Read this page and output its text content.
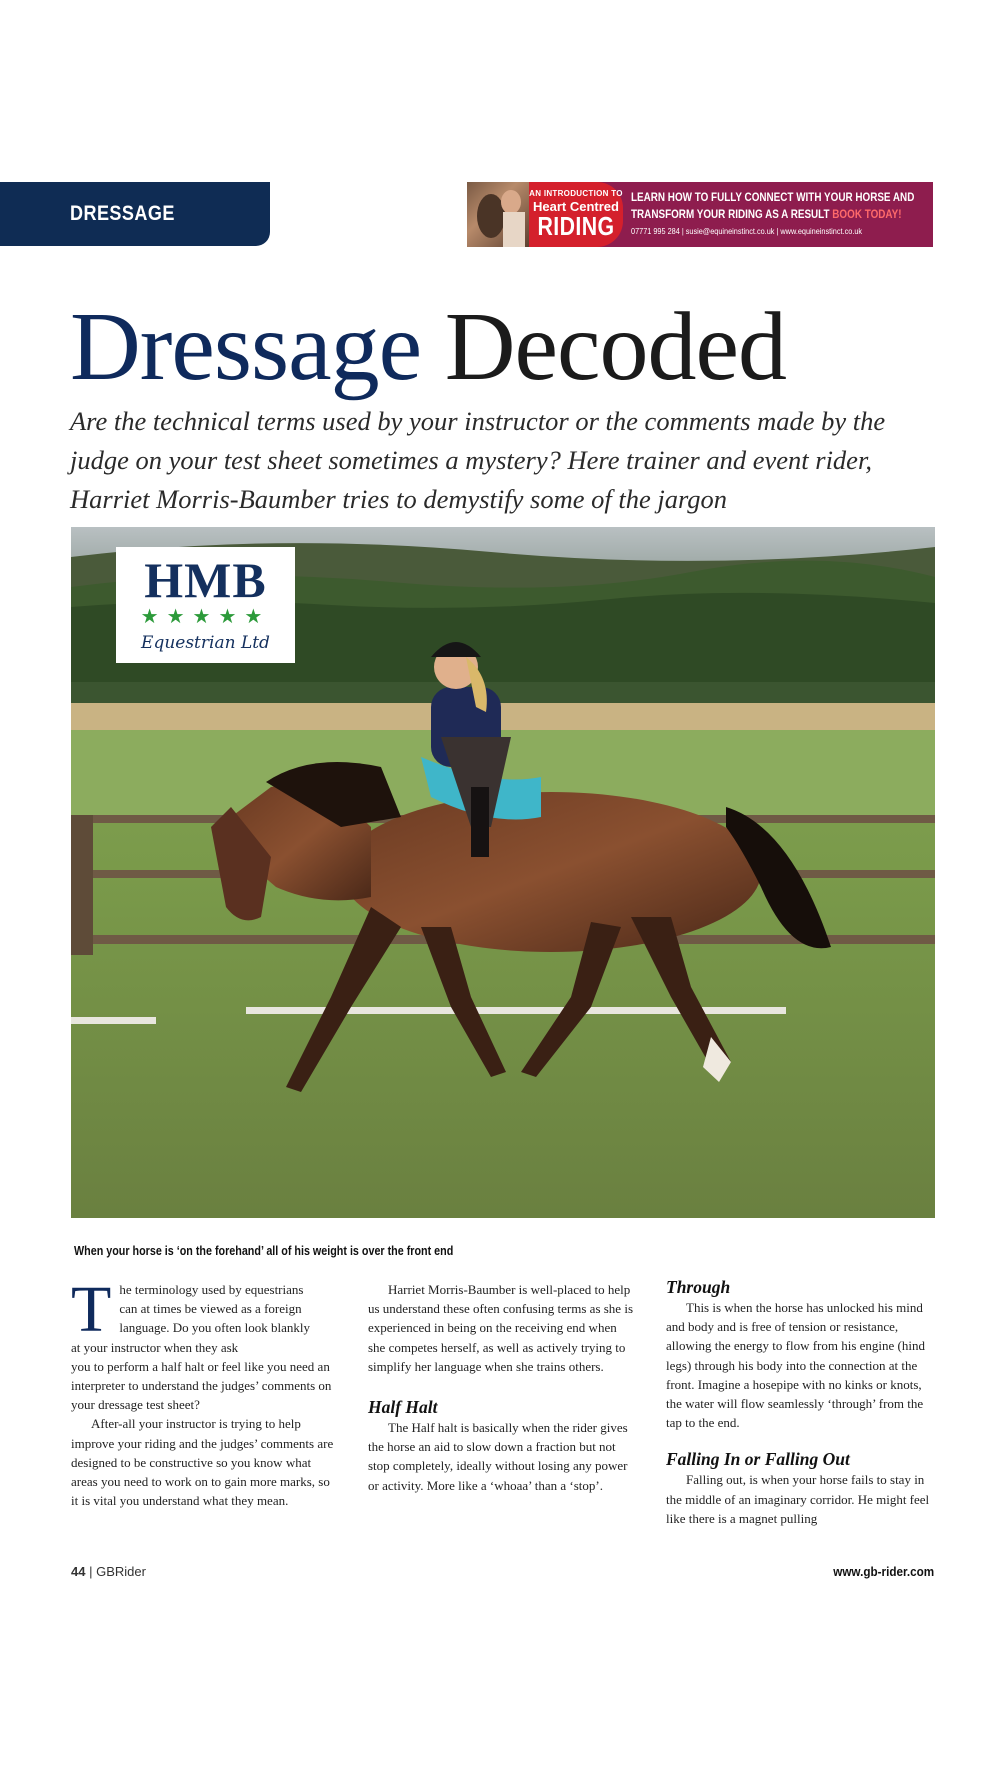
DRESSAGE
AN INTRODUCTION TO
Heart Centred
RIDING
LEARN HOW TO FULLY CONNECT WITH YOUR HORSE AND
TRANSFORM YOUR RIDING AS A RESULT BOOK TODAY!
07771 995 284 | susie@equineinstinct.co.uk | www.equineinstinct.co.uk
Dressage Decoded
Are the technical terms used by your instructor or the comments made by the judge on your test sheet sometimes a mystery? Here trainer and event rider, Harriet Morris-Baumber tries to demystify some of the jargon
HMB
★★★★★
Equestrian Ltd
When your horse is ‘on the forehand’ all of his weight is over the front end

T he terminology used by equestrians
can at times be viewed as a foreign
language. Do you often look blankly
at your instructor when they ask
you to perform a half halt or feel like you need an interpreter to understand the judges’ comments on your dressage test sheet?

After-all your instructor is trying to help improve your riding and the judges’ comments are designed to be constructive so you know what areas you need to work on to gain more marks, so it is vital you understand what they mean.

Harriet Morris-Baumber is well-placed to help us understand these often confusing terms as she is experienced in being on the receiving end when she competes herself, as well as actively trying to simplify her language when she trains others.

Half Halt

The Half halt is basically when the rider gives the horse an aid to slow down a fraction but not stop completely, ideally without losing any power or activity. More like a ‘whoaa’ than a ‘stop’.

Through

This is when the horse has unlocked his mind and body and is free of tension or resistance, allowing the energy to flow from his engine (hind legs) through his body into the connection at the front. Imagine a hosepipe with no kinks or knots, the water will flow seamlessly ‘through’ from the tap to the end.

Falling In or Falling Out

Falling out, is when your horse fails to stay in the middle of an imaginary corridor. He might feel like there is a magnet pulling

44 | GBRider	www.gb-rider.com
